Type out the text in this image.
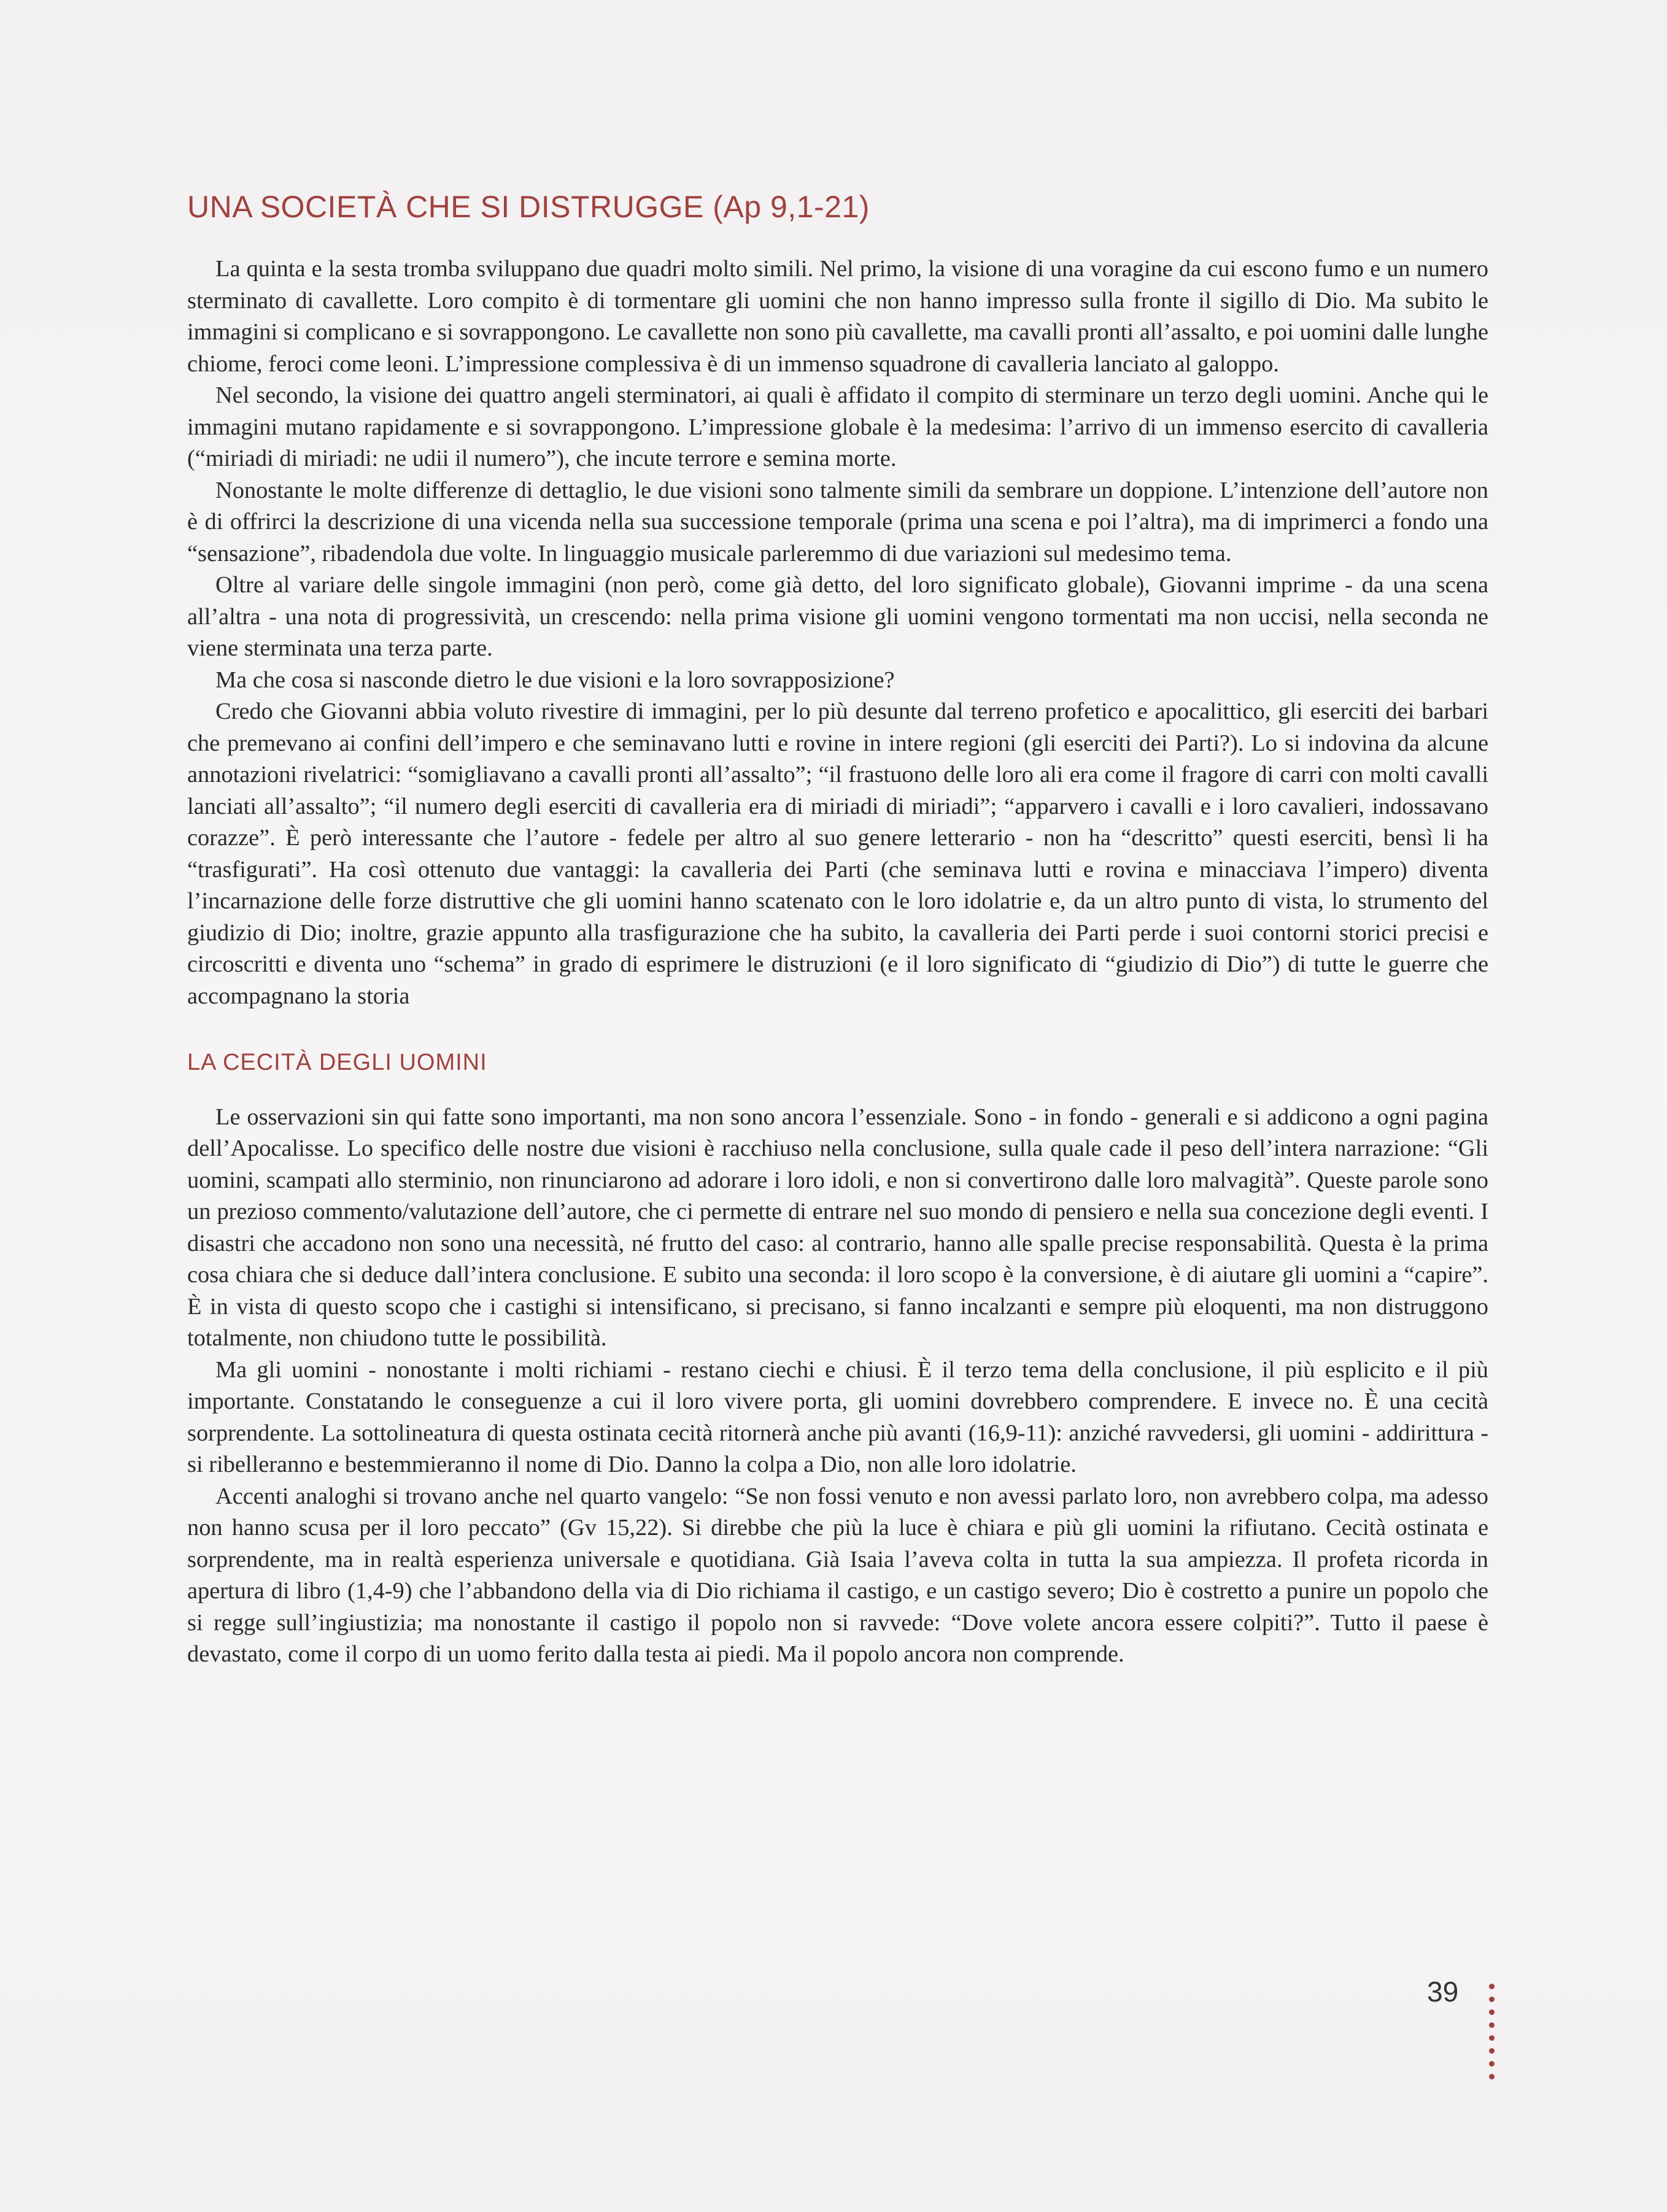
UNA SOCIETÀ CHE SI DISTRUGGE (Ap 9,1-21)

La quinta e la sesta tromba sviluppano due quadri molto simili. Nel primo, la visione di una voragine da cui escono fumo e un numero sterminato di cavallette. Loro compito è di tormentare gli uomini che non hanno impresso sulla fronte il sigillo di Dio. Ma subito le immagini si complicano e si sovrappongono. Le cavallette non sono più cavallette, ma cavalli pronti all’assalto, e poi uomini dalle lunghe chiome, feroci come leoni. L’impressione complessiva è di un immenso squadrone di cavalleria lanciato al galoppo.

Nel secondo, la visione dei quattro angeli sterminatori, ai quali è affidato il compito di sterminare un terzo degli uomini. Anche qui le immagini mutano rapidamente e si sovrappongono. L’impressione globale è la medesima: l’arrivo di un immenso esercito di cavalleria (“miriadi di miriadi: ne udii il numero”), che incute terrore e semina morte.

Nonostante le molte differenze di dettaglio, le due visioni sono talmente simili da sembrare un doppione. L’intenzione dell’autore non è di offrirci la descrizione di una vicenda nella sua successione temporale (prima una scena e poi l’altra), ma di imprimerci a fondo una “sensazione”, ribadendola due volte. In linguaggio musicale parleremmo di due variazioni sul medesimo tema.

Oltre al variare delle singole immagini (non però, come già detto, del loro significato globale), Giovanni imprime - da una scena all’altra - una nota di progressività, un crescendo: nella prima visione gli uomini vengono tormentati ma non uccisi, nella seconda ne viene sterminata una terza parte.

Ma che cosa si nasconde dietro le due visioni e la loro sovrapposizione?

Credo che Giovanni abbia voluto rivestire di immagini, per lo più desunte dal terreno profetico e apocalittico, gli eserciti dei barbari che premevano ai confini dell’impero e che seminavano lutti e rovine in intere regioni (gli eserciti dei Parti?). Lo si indovina da alcune annotazioni rivelatrici: “somigliavano a cavalli pronti all’assalto”; “il frastuono delle loro ali era come il fragore di carri con molti cavalli lanciati all’assalto”; “il numero degli eserciti di cavalleria era di miriadi di miriadi”; “apparvero i cavalli e i loro cavalieri, indossavano corazze”. È però interessante che l’autore - fedele per altro al suo genere letterario - non ha “descritto” questi eserciti, bensì li ha “trasfigurati”. Ha così ottenuto due vantaggi: la cavalleria dei Parti (che seminava lutti e rovina e minacciava l’impero) diventa l’incarnazione delle forze distruttive che gli uomini hanno scatenato con le loro idolatrie e, da un altro punto di vista, lo strumento del giudizio di Dio; inoltre, grazie appunto alla trasfigurazione che ha subito, la cavalleria dei Parti perde i suoi contorni storici precisi e circoscritti e diventa uno “schema” in grado di esprimere le distruzioni (e il loro significato di “giudizio di Dio”) di tutte le guerre che accompagnano la storia

LA CECITÀ DEGLI UOMINI

Le osservazioni sin qui fatte sono importanti, ma non sono ancora l’essenziale. Sono - in fondo - generali e si addicono a ogni pagina dell’Apocalisse. Lo specifico delle nostre due visioni è racchiuso nella conclusione, sulla quale cade il peso dell’intera narrazione: “Gli uomini, scampati allo sterminio, non rinunciarono ad adorare i loro idoli, e non si convertirono dalle loro malvagità”. Queste parole sono un prezioso commento/valutazione dell’autore, che ci permette di entrare nel suo mondo di pensiero e nella sua concezione degli eventi. I disastri che accadono non sono una necessità, né frutto del caso: al contrario, hanno alle spalle precise responsabilità. Questa è la prima cosa chiara che si deduce dall’intera conclusione. E subito una seconda: il loro scopo è la conversione, è di aiutare gli uomini a “capire”. È in vista di questo scopo che i castighi si intensificano, si precisano, si fanno incalzanti e sempre più eloquenti, ma non distruggono totalmente, non chiudono tutte le possibilità.

Ma gli uomini - nonostante i molti richiami - restano ciechi e chiusi. È il terzo tema della conclusione, il più esplicito e il più importante. Constatando le conseguenze a cui il loro vivere porta, gli uomini dovrebbero comprendere. E invece no. È una cecità sorprendente. La sottolineatura di questa ostinata cecità ritornerà anche più avanti (16,9-11): anziché ravvedersi, gli uomini - addirittura - si ribelleranno e bestemmieranno il nome di Dio. Danno la colpa a Dio, non alle loro idolatrie.

Accenti analoghi si trovano anche nel quarto vangelo: “Se non fossi venuto e non avessi parlato loro, non avrebbero colpa, ma adesso non hanno scusa per il loro peccato” (Gv 15,22). Si direbbe che più la luce è chiara e più gli uomini la rifiutano. Cecità ostinata e sorprendente, ma in realtà esperienza universale e quotidiana. Già Isaia l’aveva colta in tutta la sua ampiezza. Il profeta ricorda in apertura di libro (1,4-9) che l’abbandono della via di Dio richiama il castigo, e un castigo severo; Dio è costretto a punire un popolo che si regge sull’ingiustizia; ma nonostante il castigo il popolo non si ravvede: “Dove volete ancora essere colpiti?”. Tutto il paese è devastato, come il corpo di un uomo ferito dalla testa ai piedi. Ma il popolo ancora non comprende.

39
